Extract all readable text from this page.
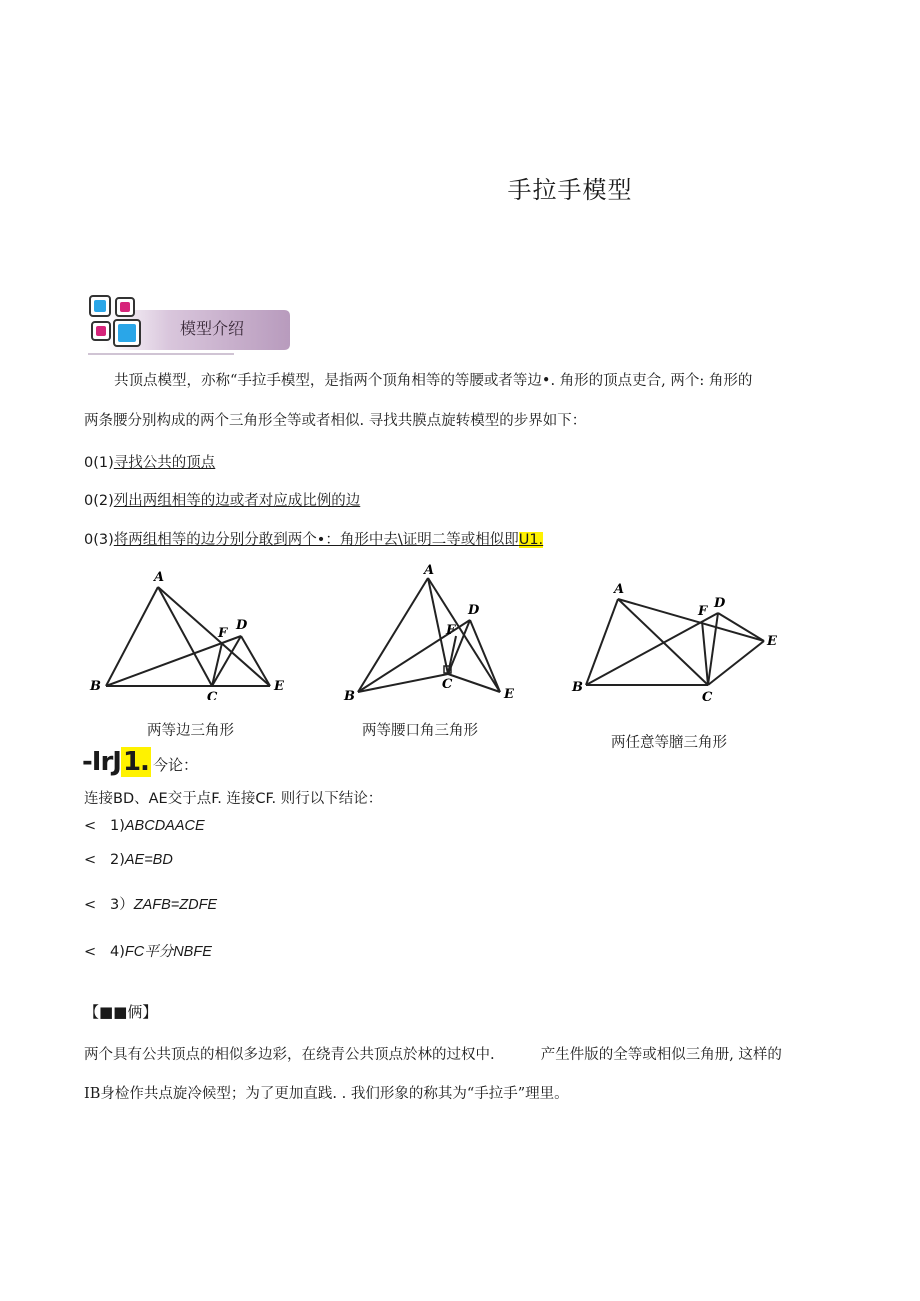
手拉手模型
模型介绍
共顶点模型，亦称“手拉手模型，是指两个顶角相等的等腰或者等边•. 角形的顶点吏合, 两个: 角形的
两条腰分别构成的两个三角形全等或者相似. 寻找共膜点旋转模型的步界如下：
0(1)寻找公共的顶点
0(2)列出两组相等的边或者对应成比例的边
0(3)将两组相等的边分别分敢到两个•：角形中去\证明二等或相似即U1.
A
B
C
D
E
F
两等边三角形
A
B
C
D
E
F
两等腰口角三角形
A
B
C
D
E
F
两任意等膪三角形
-IrJ1. 今论：
连接BD、AE交于点F. 连接CF. 则行以下结论：
< 1)ABCDAACE
< 2)AE=BD
< 3）ZAFB=ZDFE
< 4)FC平分NBFE
【■■俩】
两个具有公共顶点的相似多边彩，在绕青公共顶点於林的过权中.          产生件版的全等或相似三角册, 这样的
IB身检作共点旋冷候型；为了更加直践. . 我们形象的称其为“手拉手”理里。
